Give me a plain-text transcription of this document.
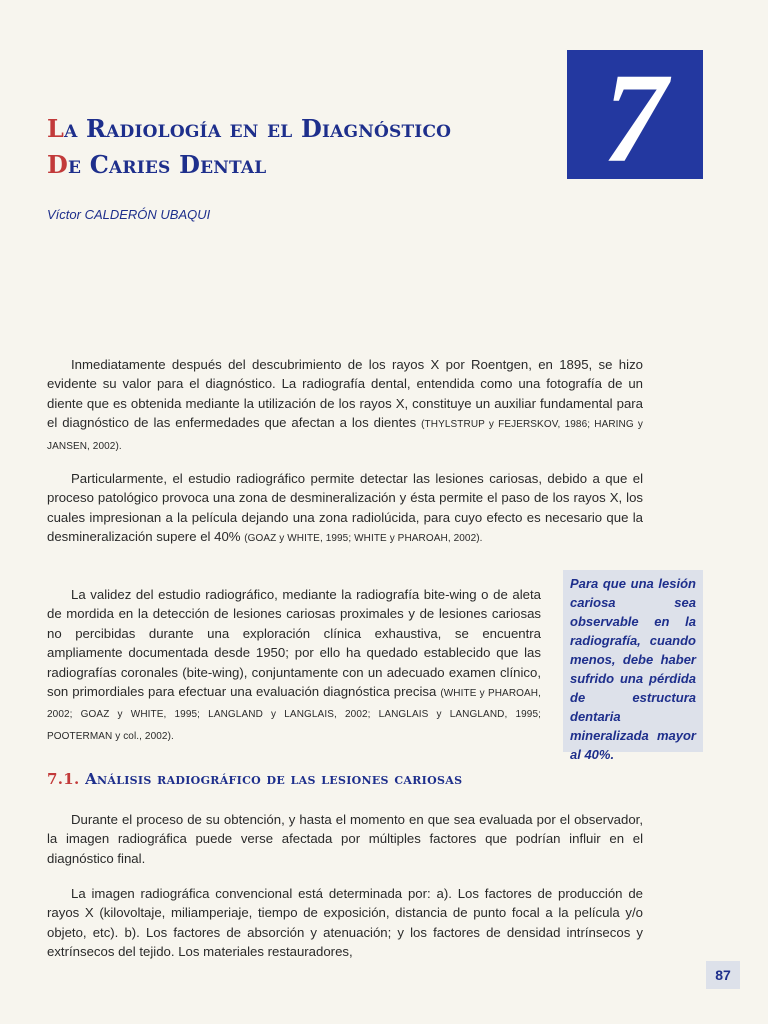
7
La Radiología en el Diagnóstico
De Caries Dental

Víctor CALDERÓN UBAQUI

Inmediatamente después del descubrimiento de los rayos X por Roentgen, en 1895, se hizo evidente su valor para el diagnóstico. La radiografía dental, entendida como una fotografía de un diente que es obtenida mediante la utilización de los rayos X, constituye un auxiliar fundamental para el diagnóstico de las enfermedades que afectan a los dientes (THYLSTRUP y FEJERSKOV, 1986; HARING y JANSEN, 2002).

Particularmente, el estudio radiográfico permite detectar las lesiones cariosas, debido a que el proceso patológico provoca una zona de desmineralización y ésta permite el paso de los rayos X, los cuales impresionan a la película dejando una zona radiolúcida, para cuyo efecto es necesario que la desmineralización supere el 40% (GOAZ y WHITE, 1995; WHITE y PHAROAH, 2002).

La validez del estudio radiográfico, mediante la radiografía bite-wing o de aleta de mordida en la detección de lesiones cariosas proximales y de lesiones cariosas no percibidas durante una exploración clínica exhaustiva, se encuentra ampliamente documentada desde 1950; por ello ha quedado establecido que las radiografías coronales (bite-wing), conjuntamente con un adecuado examen clínico, son primordiales para efectuar una evaluación diagnóstica precisa (WHITE y PHAROAH, 2002; GOAZ y WHITE, 1995; LANGLAND y LANGLAIS, 2002; LANGLAIS y LANGLAND, 1995; POOTERMAN y col., 2002).

Para que una lesión cariosa sea observable en la radiografía, cuando menos, debe haber sufrido una pérdida de estructura dentaria mineralizada mayor al 40%.

7.1. Análisis radiográfico de las lesiones cariosas

Durante el proceso de su obtención, y hasta el momento en que sea evaluada por el observador, la imagen radiográfica puede verse afectada por múltiples factores que podrían influir en el diagnóstico final.

La imagen radiográfica convencional está determinada por: a). Los factores de producción de rayos X (kilovoltaje, miliamperiaje, tiempo de exposición, distancia de punto focal a la película y/o objeto, etc). b). Los factores de absorción y atenuación; y los factores de densidad intrínsecos y extrínsecos del tejido. Los materiales restauradores,

87
